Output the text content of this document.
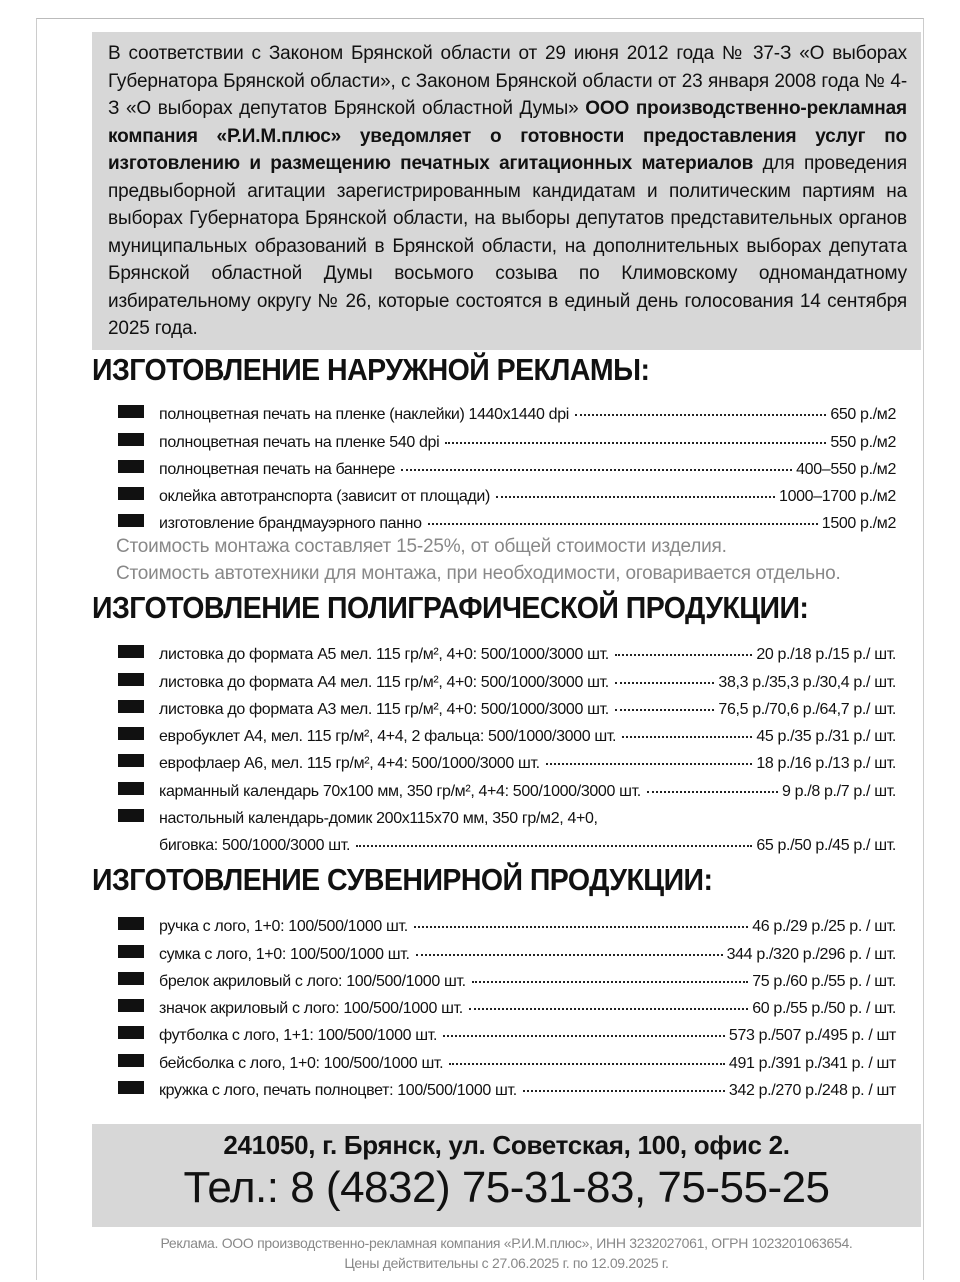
В соответствии с Законом Брянской области от 29 июня 2012 года № 37-З «О выборах Губернатора Брянской области», с Законом Брянской области от 23 января 2008 года № 4-З «О выборах депутатов Брянской областной Думы» ООО производственно-рекламная компания «Р.И.М.плюс» уведомляет о готовности предоставления услуг по изготовлению и размещению печатных агитационных материалов для проведения предвыборной агитации зарегистрированным кандидатам и политическим партиям на выборах Губернатора Брянской области, на выборы депутатов представительных органов муниципальных образований в Брянской области, на дополнительных выборах депутата Брянской областной Думы восьмого созыва по Климовскому одномандатному избирательному округу № 26, которые состоятся в единый день голосования 14 сентября 2025 года.
ИЗГОТОВЛЕНИЕ НАРУЖНОЙ РЕКЛАМЫ:
полноцветная печать на пленке (наклейки) 1440х1440 dpi	650 р./м2
полноцветная печать на пленке 540 dpi	550 р./м2
полноцветная печать на баннере	400–550 р./м2
оклейка автотранспорта (зависит от площади)	1000–1700 р./м2
изготовление брандмауэрного панно	1500 р./м2
Стоимость монтажа составляет 15-25%, от общей стоимости изделия.
Стоимость автотехники для монтажа, при необходимости, оговаривается отдельно.
ИЗГОТОВЛЕНИЕ ПОЛИГРАФИЧЕСКОЙ ПРОДУКЦИИ:
листовка до формата А5 мел. 115 гр/м², 4+0: 500/1000/3000 шт.	20 р./18 р./15 р./ шт.
листовка до формата А4 мел. 115 гр/м², 4+0: 500/1000/3000 шт.	38,3 р./35,3 р./30,4 р./ шт.
листовка до формата А3 мел. 115 гр/м², 4+0: 500/1000/3000 шт.	76,5 р./70,6 р./64,7 р./ шт.
евробуклет А4, мел. 115 гр/м², 4+4, 2 фальца: 500/1000/3000 шт.	45 р./35 р./31 р./ шт.
еврофлаер А6, мел. 115 гр/м², 4+4: 500/1000/3000 шт.	18 р./16 р./13 р./ шт.
карманный календарь 70х100 мм, 350 гр/м², 4+4: 500/1000/3000 шт.	9 р./8 р./7 р./ шт.
настольный календарь-домик 200х115х70 мм, 350 гр/м2, 4+0,
биговка: 500/1000/3000 шт.	65 р./50 р./45 р./ шт.
ИЗГОТОВЛЕНИЕ СУВЕНИРНОЙ ПРОДУКЦИИ:
ручка с лого, 1+0: 100/500/1000 шт.	46 р./29 р./25 р. / шт.
сумка с лого, 1+0: 100/500/1000 шт.	344 р./320 р./296 р. / шт.
брелок акриловый с лого: 100/500/1000 шт.	75 р./60 р./55 р. / шт.
значок акриловый с лого: 100/500/1000 шт.	60 р./55 р./50 р. / шт.
футболка с лого, 1+1: 100/500/1000 шт.	573 р./507 р./495 р. / шт
бейсболка с лого, 1+0: 100/500/1000 шт.	491 р./391 р./341 р. / шт
кружка с лого, печать полноцвет: 100/500/1000 шт.	342 р./270 р./248 р. / шт
241050, г. Брянск, ул. Советская, 100, офис 2.
Тел.: 8 (4832) 75-31-83, 75-55-25
Реклама. ООО производственно-рекламная компания «Р.И.М.плюс», ИНН 3232027061, ОГРН 1023201063654.
Цены действительны с 27.06.2025 г. по 12.09.2025 г.
